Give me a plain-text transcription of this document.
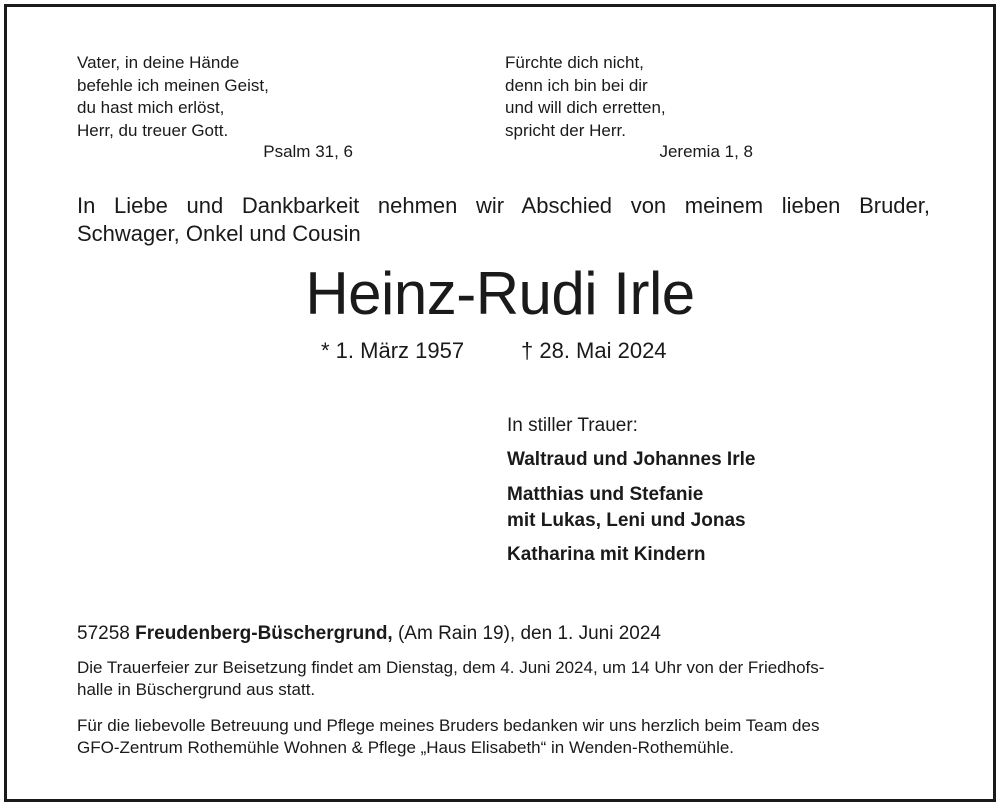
Vater, in deine Hände
befehle ich meinen Geist,
du hast mich erlöst,
Herr, du treuer Gott.
Psalm 31, 6
Fürchte dich nicht,
denn ich bin bei dir
und will dich erretten,
spricht der Herr.
Jeremia 1, 8
In Liebe und Dankbarkeit nehmen wir Abschied von meinem lieben Bruder,
Schwager, Onkel und Cousin
Heinz-Rudi Irle
* 1. März 1957	† 28. Mai 2024
In stiller Trauer:
Waltraud und Johannes Irle
Matthias und Stefanie
mit Lukas, Leni und Jonas
Katharina mit Kindern
57258 Freudenberg-Büschergrund, (Am Rain 19), den 1. Juni 2024
Die Trauerfeier zur Beisetzung findet am Dienstag, dem 4. Juni 2024, um 14 Uhr von der Friedhofs-
halle in Büschergrund aus statt.
Für die liebevolle Betreuung und Pflege meines Bruders bedanken wir uns herzlich beim Team des
GFO-Zentrum Rothemühle Wohnen & Pflege „Haus Elisabeth“ in Wenden-Rothemühle.
